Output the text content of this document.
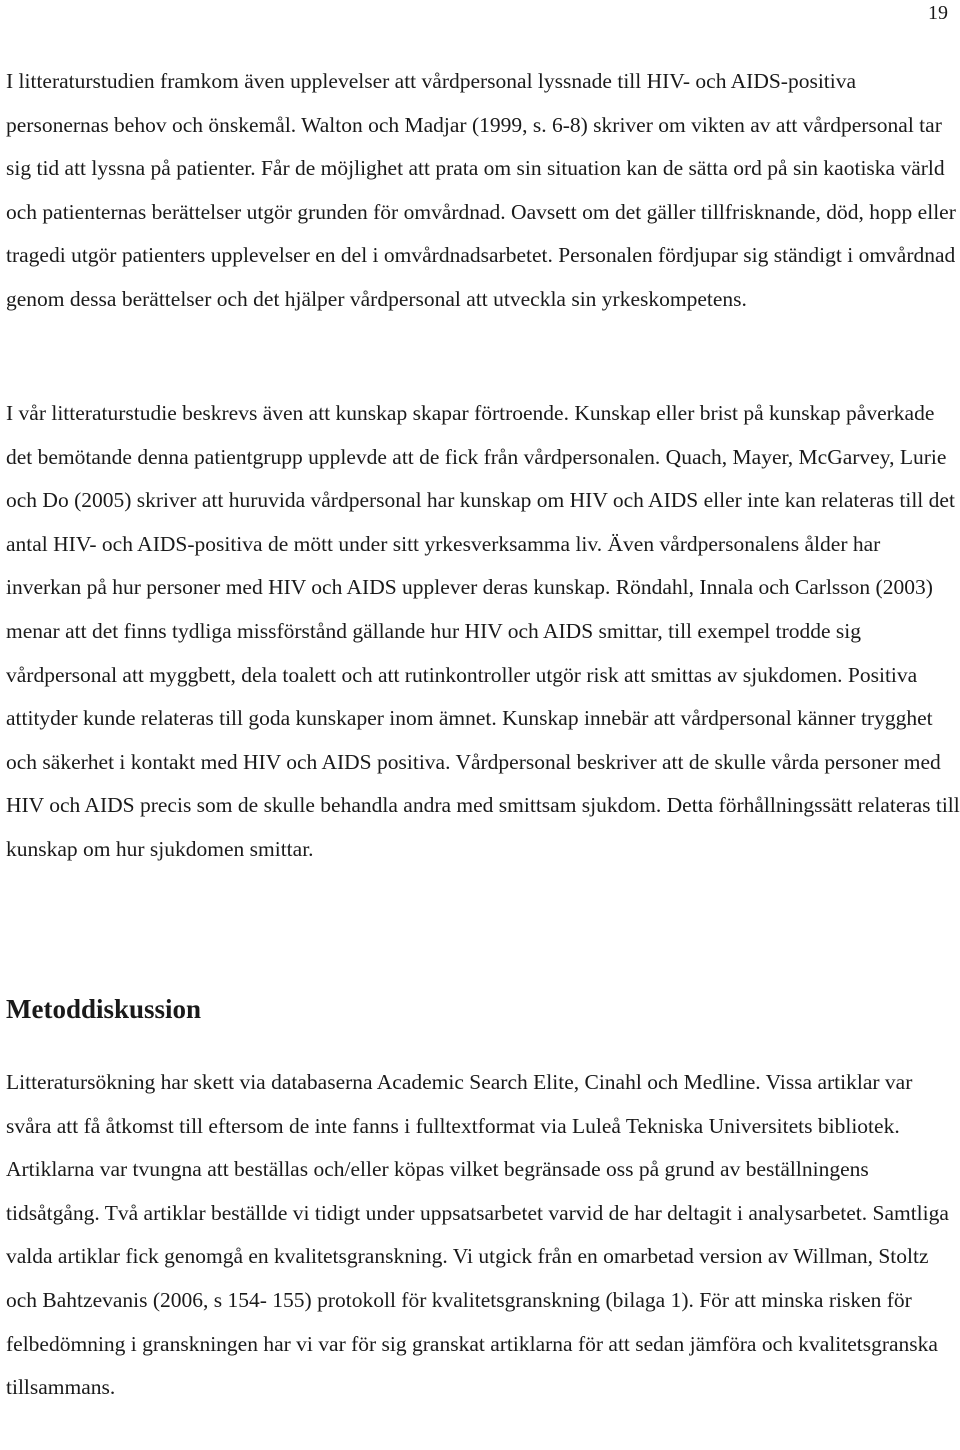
19

I litteraturstudien framkom även upplevelser att vårdpersonal lyssnade till HIV- och AIDS-positiva personernas behov och önskemål. Walton och Madjar (1999, s. 6-8) skriver om vikten av att vårdpersonal tar sig tid att lyssna på patienter. Får de möjlighet att prata om sin situation kan de sätta ord på sin kaotiska värld och patienternas berättelser utgör grunden för omvårdnad. Oavsett om det gäller tillfrisknande, död, hopp eller tragedi utgör patienters upplevelser en del i omvårdnadsarbetet. Personalen fördjupar sig ständigt i omvårdnad genom dessa berättelser och det hjälper vårdpersonal att utveckla sin yrkeskompetens.

I vår litteraturstudie beskrevs även att kunskap skapar förtroende. Kunskap eller brist på kunskap påverkade det bemötande denna patientgrupp upplevde att de fick från vårdpersonalen. Quach, Mayer, McGarvey, Lurie och Do (2005) skriver att huruvida vårdpersonal har kunskap om HIV och AIDS eller inte kan relateras till det antal HIV- och AIDS-positiva de mött under sitt yrkesverksamma liv. Även vårdpersonalens ålder har inverkan på hur personer med HIV och AIDS upplever deras kunskap. Röndahl, Innala och Carlsson (2003) menar att det finns tydliga missförstånd gällande hur HIV och AIDS smittar, till exempel trodde sig vårdpersonal att myggbett, dela toalett och att rutinkontroller utgör risk att smittas av sjukdomen. Positiva attityder kunde relateras till goda kunskaper inom ämnet. Kunskap innebär att vårdpersonal känner trygghet och säkerhet i kontakt med HIV och AIDS positiva. Vårdpersonal beskriver att de skulle vårda personer med HIV och AIDS precis som de skulle behandla andra med smittsam sjukdom. Detta förhållningssätt relateras till kunskap om hur sjukdomen smittar.

Metoddiskussion

Litteratursökning har skett via databaserna Academic Search Elite, Cinahl och Medline. Vissa artiklar var svåra att få åtkomst till eftersom de inte fanns i fulltextformat via Luleå Tekniska Universitets bibliotek. Artiklarna var tvungna att beställas och/eller köpas vilket begränsade oss på grund av beställningens tidsåtgång. Två artiklar beställde vi tidigt under uppsatsarbetet varvid de har deltagit i analysarbetet. Samtliga valda artiklar fick genomgå en kvalitetsgranskning. Vi utgick från en omarbetad version av Willman, Stoltz och Bahtzevanis (2006, s 154- 155) protokoll för kvalitetsgranskning (bilaga 1). För att minska risken för felbedömning i granskningen har vi var för sig granskat artiklarna för att sedan jämföra och kvalitetsgranska tillsammans.
